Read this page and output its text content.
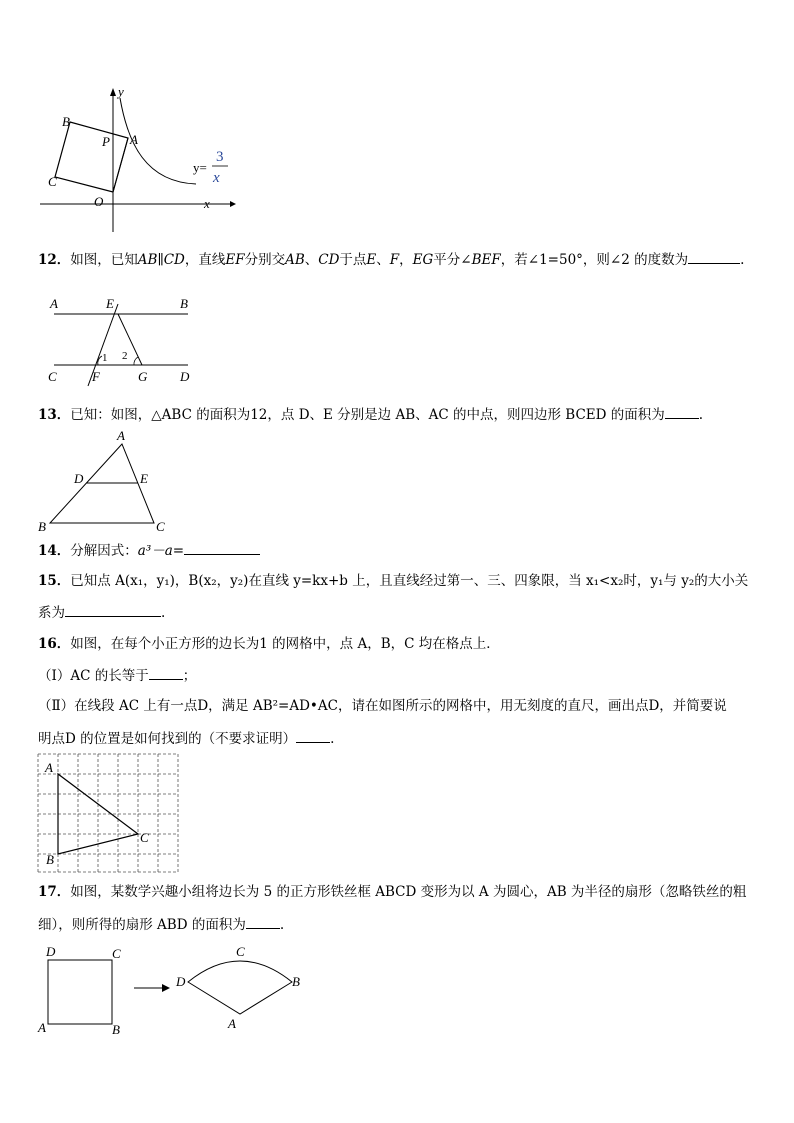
y
x
O
B
C
P A
y=
3
x
12．如图，已知AB∥CD，直线EF分别交AB、CD于点E、F，EG平分∠BEF，若∠1=50°，则∠2 的度数为	.
A	E	B
C	F	G	D
1 2
13．已知：如图，△ABC 的面积为12，点 D、E 分别是边 AB、AC 的中点，则四边形 BCED 的面积为	.
A
D	E
B	C
14．分解因式：a³－a=
15．已知点 A(x₁，y₁)，B(x₂，y₂)在直线 y=kx+b 上，且直线经过第一、三、四象限，当 x₁<x₂时，y₁与 y₂的大小关
系为	.
16．如图，在每个小正方形的边长为1 的网格中，点 A，B，C 均在格点上．
（Ⅰ）AC 的长等于	；
（Ⅱ）在线段 AC 上有一点D，满足 AB²=AD•AC，请在如图所示的网格中，用无刻度的直尺，画出点D，并简要说
明点D 的位置是如何找到的（不要求证明）	.
A
B
C
17．如图，某数学兴趣小组将边长为 5 的正方形铁丝框 ABCD 变形为以 A 为圆心，AB 为半径的扇形（忽略铁丝的粗
细），则所得的扇形 ABD 的面积为	.
D	C
A	B
D
C
B
A
